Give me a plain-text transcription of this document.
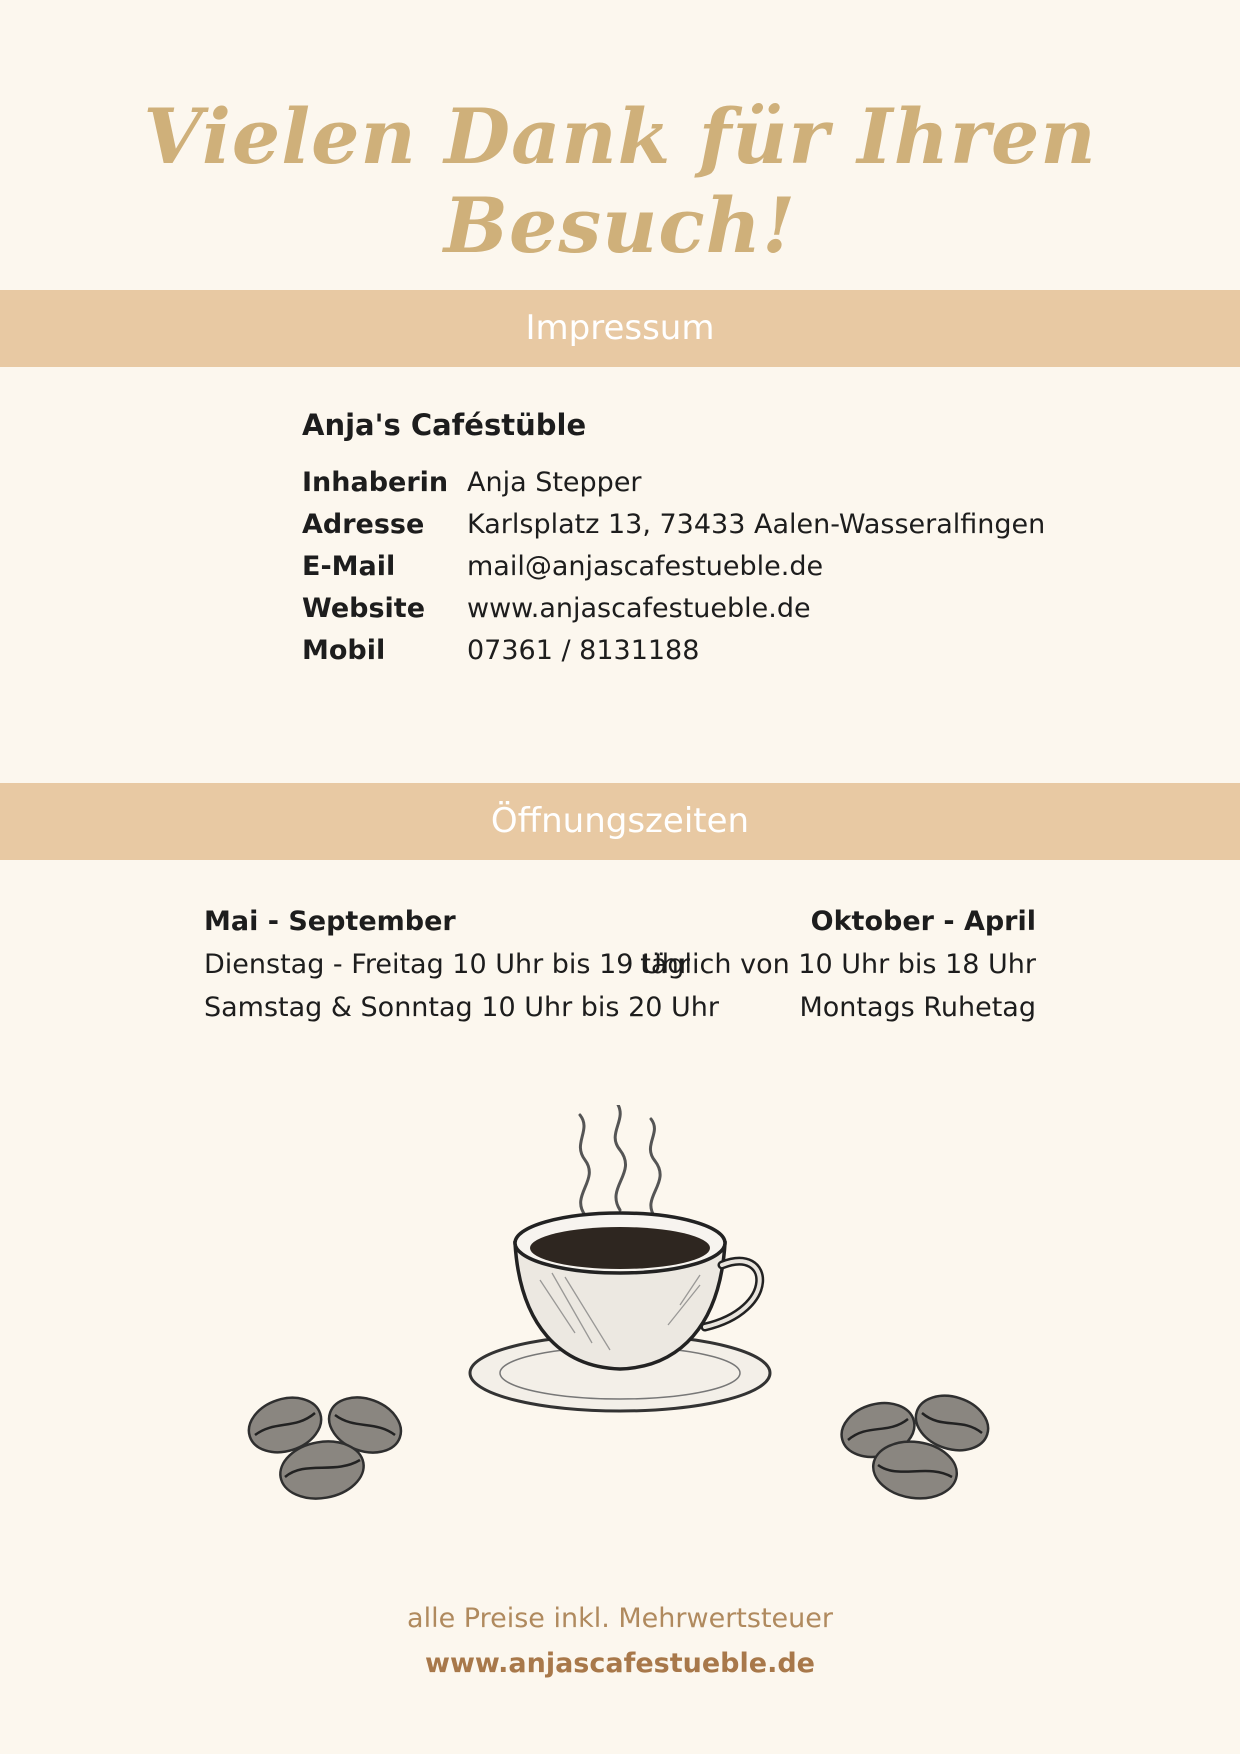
Vielen Dank für Ihren Besuch!
Impressum
Anja's Caféstüble
Inhaberin Anja Stepper
Adresse	Karlsplatz 13, 73433 Aalen-Wasseralfingen
E-Mail	mail@anjascafestueble.de
Website	www.anjascafestueble.de
Mobil	07361 / 8131188
Öffnungszeiten
Mai - September
Dienstag - Freitag 10 Uhr bis 19 Uhr
Samstag & Sonntag 10 Uhr bis 20 Uhr
Oktober - April
täglich von 10 Uhr bis 18 Uhr
Montags Ruhetag
alle Preise inkl. Mehrwertsteuer
www.anjascafestueble.de
